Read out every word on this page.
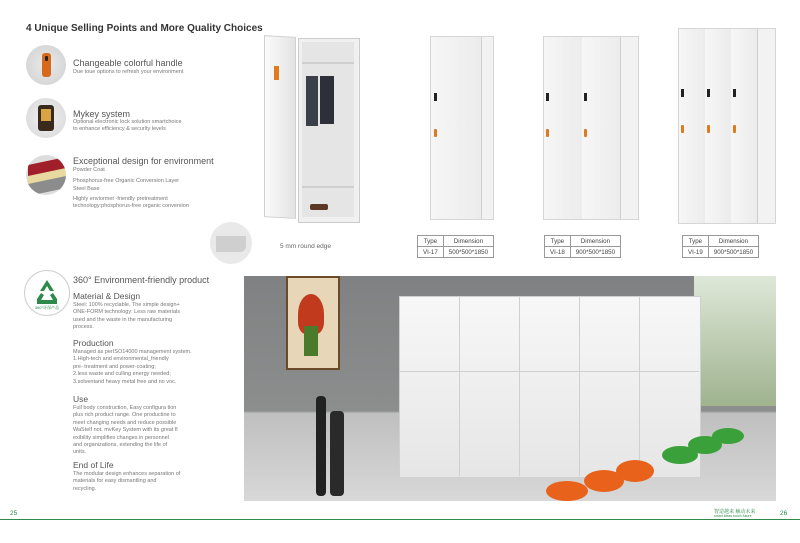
4 Unique Selling Points and More Quality Choices
Changeable colorful handle
Due toue options to refresh your environment
Mykey system
Optional electronic lock solution smartchoice
to enhance efficiency & security levels
Exceptional design for environment
Powder Coat
Phosphorus-free Organic Conversion Layer
Steel Base
Highly enviormet -friendly pretreatment
technology:phosphorus-free organic conversion
5 mm round edge
Type	Dimension
VI-17	500*500*1850
Type	Dimension
VI-18	900*500*1850
Type	Dimension
VI-19	900*500*1850
360°环保产品
360° Environment-friendly product
Material & Design
Steel: 100% recyclable. The simple design+
ONE-FORM technology: Less raw materials
used and the waste in the manufacturing
process.
Production
Managed as perISO14000 management system.
1.High-tech and environmental_friendly
pre- treatment and power-coating;
2.less waste and culling energy needed;
3.solventand heavy metal free and no voc.
Use
Full body construction, Easy configura tion
plus rich product range. One productine to
meet changing needs and reduce possible
WaStelf not. mvKey System with its great fl
exibility simplifies changes in personnel
and organizations, extending the life of
units.
End of Life
The modular design enhances separation of
materials for easy dismantling and
recycling.
25	26
智造越来 触动未来
smart ideas touch future
